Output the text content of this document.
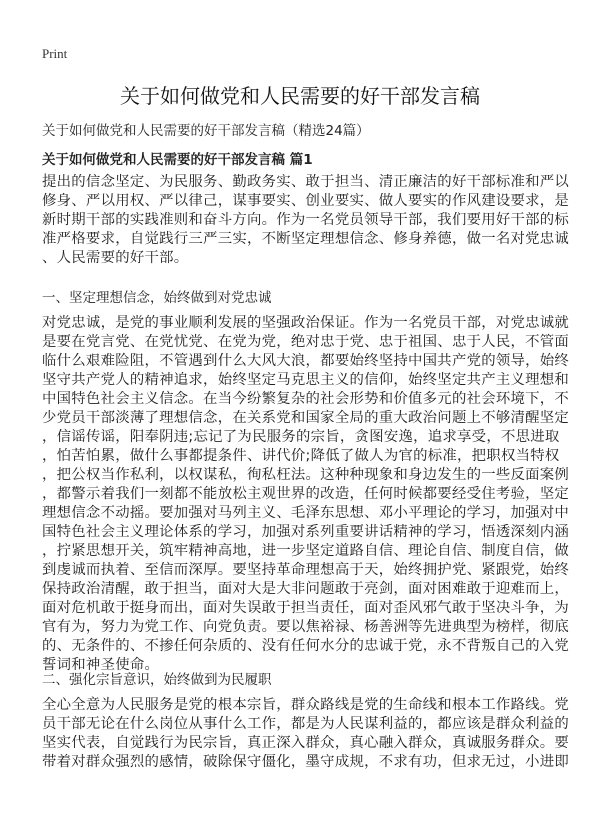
Print
关于如何做党和人民需要的好干部发言稿
关于如何做党和人民需要的好干部发言稿（精选24篇）
关于如何做党和人民需要的好干部发言稿 篇1
提出的信念坚定、为民服务、勤政务实、敢于担当、清正廉洁的好干部标准和严以
修身、严以用权、严以律己，谋事要实、创业要实、做人要实的作风建设要求，是
新时期干部的实践准则和奋斗方向。作为一名党员领导干部，我们要用好干部的标
准严格要求，自觉践行三严三实，不断坚定理想信念、修身养德，做一名对党忠诚
、人民需要的好干部。
一、坚定理想信念，始终做到对党忠诚
对党忠诚，是党的事业顺利发展的坚强政治保证。作为一名党员干部，对党忠诚就
是要在党言党、在党忧党、在党为党，绝对忠于党、忠于祖国、忠于人民，不管面
临什么艰难险阻，不管遇到什么大风大浪，都要始终坚持中国共产党的领导，始终
坚守共产党人的精神追求，始终坚定马克思主义的信仰，始终坚定共产主义理想和
中国特色社会主义信念。在当今纷繁复杂的社会形势和价值多元的社会环境下，不
少党员干部淡薄了理想信念，在关系党和国家全局的重大政治问题上不够清醒坚定
，信谣传谣，阳奉阴违;忘记了为民服务的宗旨，贪图安逸，追求享受，不思进取
，怕苦怕累，做什么事都提条件、讲代价;降低了做人为官的标准，把职权当特权
，把公权当作私利，以权谋私，徇私枉法。这种种现象和身边发生的一些反面案例
，都警示着我们一刻都不能放松主观世界的改造，任何时候都要经受住考验，坚定
理想信念不动摇。要加强对马列主义、毛泽东思想、邓小平理论的学习，加强对中
国特色社会主义理论体系的学习，加强对系列重要讲话精神的学习，悟透深刻内涵
，拧紧思想开关，筑牢精神高地，进一步坚定道路自信、理论自信、制度自信，做
到虔诚而执着、至信而深厚。要坚持革命理想高于天，始终拥护党、紧跟党，始终
保持政治清醒，敢于担当，面对大是大非问题敢于亮剑，面对困难敢于迎难而上，
面对危机敢于挺身而出，面对失误敢于担当责任，面对歪风邪气敢于坚决斗争，为
官有为，努力为党工作、向党负责。要以焦裕禄、杨善洲等先进典型为榜样，彻底
的、无条件的、不掺任何杂质的、没有任何水分的忠诚于党，永不背叛自己的入党
誓词和神圣使命。
二、强化宗旨意识，始终做到为民履职
全心全意为人民服务是党的根本宗旨，群众路线是党的生命线和根本工作路线。党
员干部无论在什么岗位从事什么工作，都是为人民谋利益的，都应该是群众利益的
坚实代表，自觉践行为民宗旨，真正深入群众，真心融入群众，真诚服务群众。要
带着对群众强烈的感情，破除保守僵化，墨守成规，不求有功，但求无过，小进即
